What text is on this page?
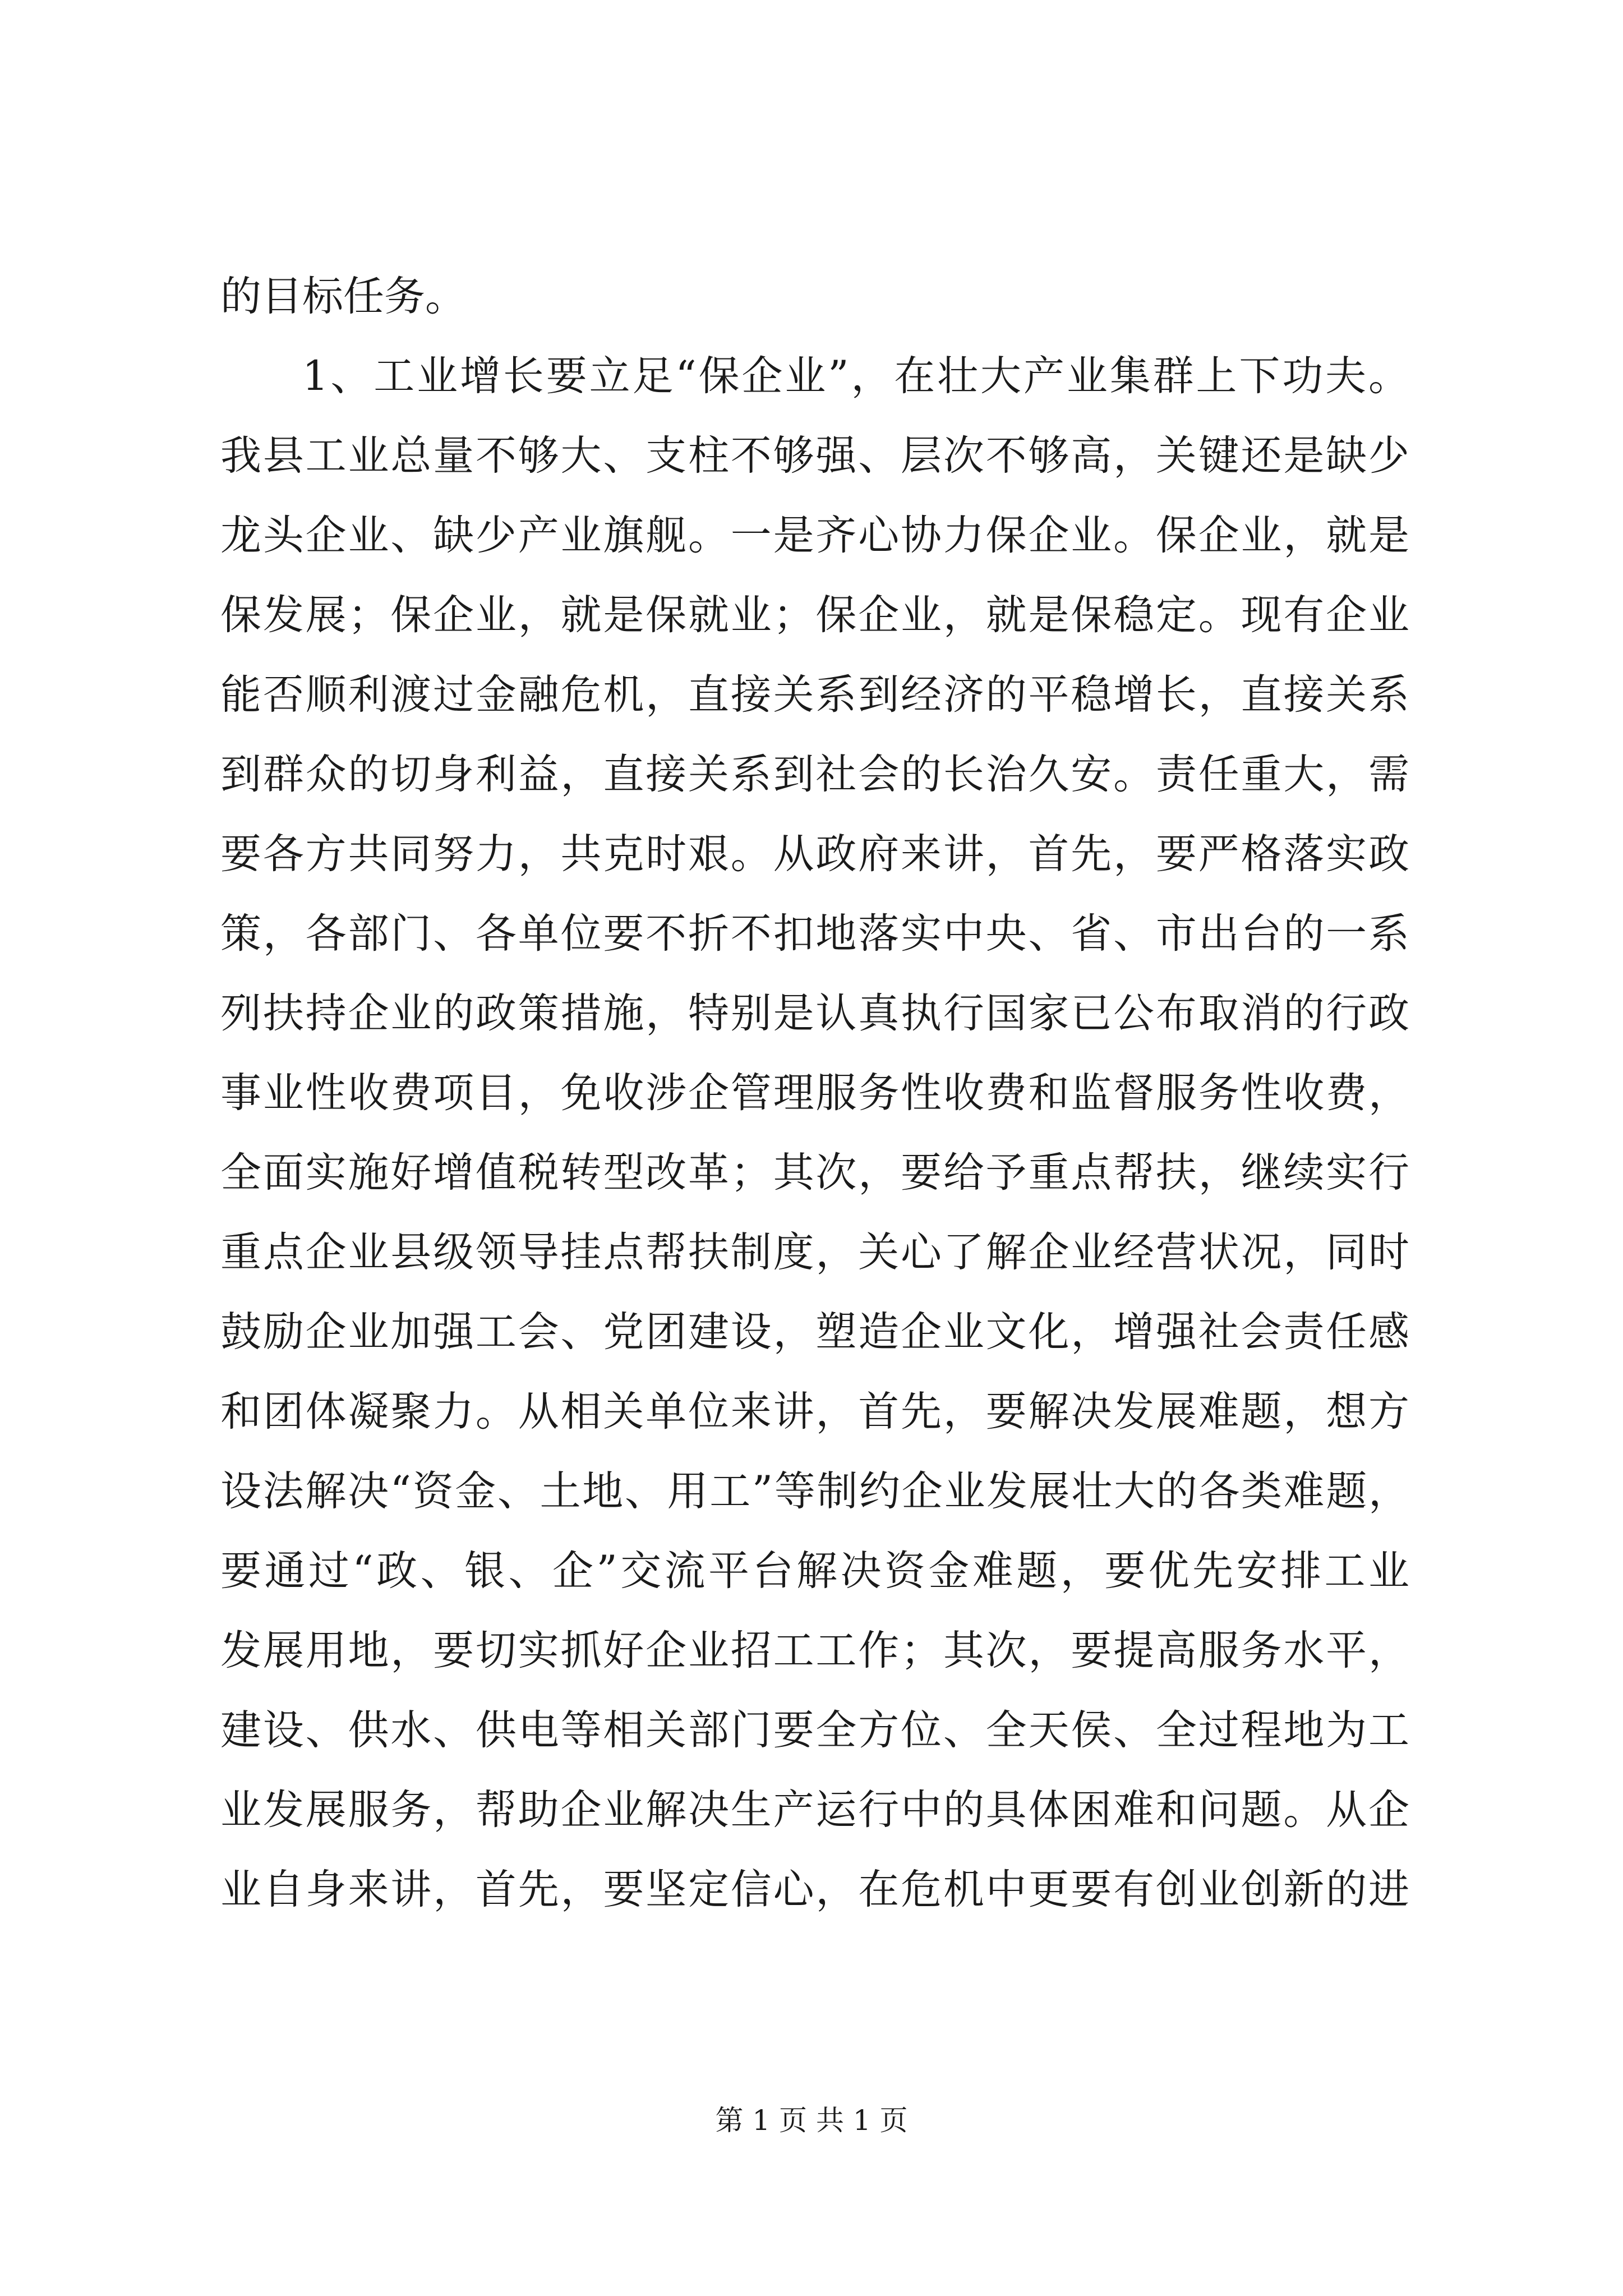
的目标任务。
1、工业增长要立足“保企业”，在壮大产业集群上下功夫。
我县工业总量不够大、支柱不够强、层次不够高，关键还是缺少
龙头企业、缺少产业旗舰。一是齐心协力保企业。保企业，就是
保发展；保企业，就是保就业；保企业，就是保稳定。现有企业
能否顺利渡过金融危机，直接关系到经济的平稳增长，直接关系
到群众的切身利益，直接关系到社会的长治久安。责任重大，需
要各方共同努力，共克时艰。从政府来讲，首先，要严格落实政
策，各部门、各单位要不折不扣地落实中央、省、市出台的一系
列扶持企业的政策措施，特别是认真执行国家已公布取消的行政
事业性收费项目，免收涉企管理服务性收费和监督服务性收费，
全面实施好增值税转型改革；其次，要给予重点帮扶，继续实行
重点企业县级领导挂点帮扶制度，关心了解企业经营状况，同时
鼓励企业加强工会、党团建设，塑造企业文化，增强社会责任感
和团体凝聚力。从相关单位来讲，首先，要解决发展难题，想方
设法解决“资金、土地、用工”等制约企业发展壮大的各类难题，
要通过“政、银、企”交流平台解决资金难题，要优先安排工业
发展用地，要切实抓好企业招工工作；其次，要提高服务水平，
建设、供水、供电等相关部门要全方位、全天侯、全过程地为工
业发展服务，帮助企业解决生产运行中的具体困难和问题。从企
业自身来讲，首先，要坚定信心，在危机中更要有创业创新的进
第 1 页 共 1 页
